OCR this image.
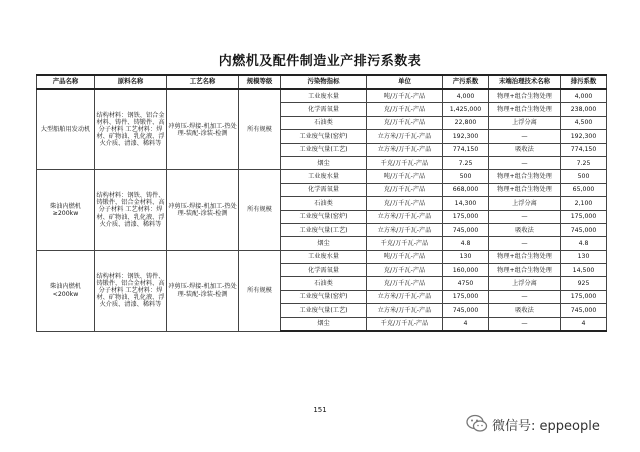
内燃机及配件制造业产排污系数表
产品名称	原料名称	工艺名称	规模等级	污染物指标	单位	产污系数	末端治理技术名称	排污系数
大型船舶用发动机	结构材料：钢铁、铝合金材料、铸件、铸锻件、高分子材料 工艺材料：焊材、矿物油、乳化液、浮火介质、清漆、稀料等	冲剪压-焊接-机加工-热处理-装配-涂装-检测	所有规模	工业废水量	吨/万千瓦-产品	4,000	物理+组合生物处理	4,000
				化学需氧量	克/万千瓦-产品	1,425,000	物理+组合生物处理	238,000
				石油类	克/万千瓦-产品	22,800	上浮分离	4,500
				工业废气量(窑炉)	立方米/万千瓦-产品	192,300	—	192,300
				工业废气量(工艺)	立方米/万千瓦-产品	774,150	吸收法	774,150
				烟尘	千克/万千瓦-产品	7.25	—	7.25
柴油内燃机≥200kw	结构材料：钢铁、铸件、铸锻件、铝合金材料、高分子材料 工艺材料：焊材、矿物油、乳化液、浮火介质、清漆、稀料等	冲剪压-焊接-机加工-热处理-装配-涂装-检测	所有规模	工业废水量	吨/万千瓦-产品	500	物理+组合生物处理	500
				化学需氧量	克/万千瓦-产品	668,000	物理+组合生物处理	65,000
				石油类	克/万千瓦-产品	14,300	上浮分离	2,100
				工业废气量(窑炉)	立方米/万千瓦-产品	175,000	—	175,000
				工业废气量(工艺)	立方米/万千瓦-产品	745,000	吸收法	745,000
				烟尘	千克/万千瓦-产品	4.8	—	4.8
柴油内燃机<200kw	结构材料：钢铁、铸件、铸锻件、铝合金材料、高分子材料 工艺材料：焊材、矿物油、乳化液、浮火介质、清漆、稀料等	冲剪压-焊接-机加工-热处理-装配-涂装-检测	所有规模	工业废水量	吨/万千瓦-产品	130	物理+组合生物处理	130
				化学需氧量	克/万千瓦-产品	160,000	物理+组合生物处理	14,500
				石油类	克/万千瓦-产品	4750	上浮分离	925
				工业废气量(窑炉)	立方米/万千瓦-产品	175,000	—	175,000
				工业废气量(工艺)	立方米/万千瓦-产品	745,000	吸收法	745,000
				烟尘	千克/万千瓦-产品	4	—	4
151
微信号: eppeople
